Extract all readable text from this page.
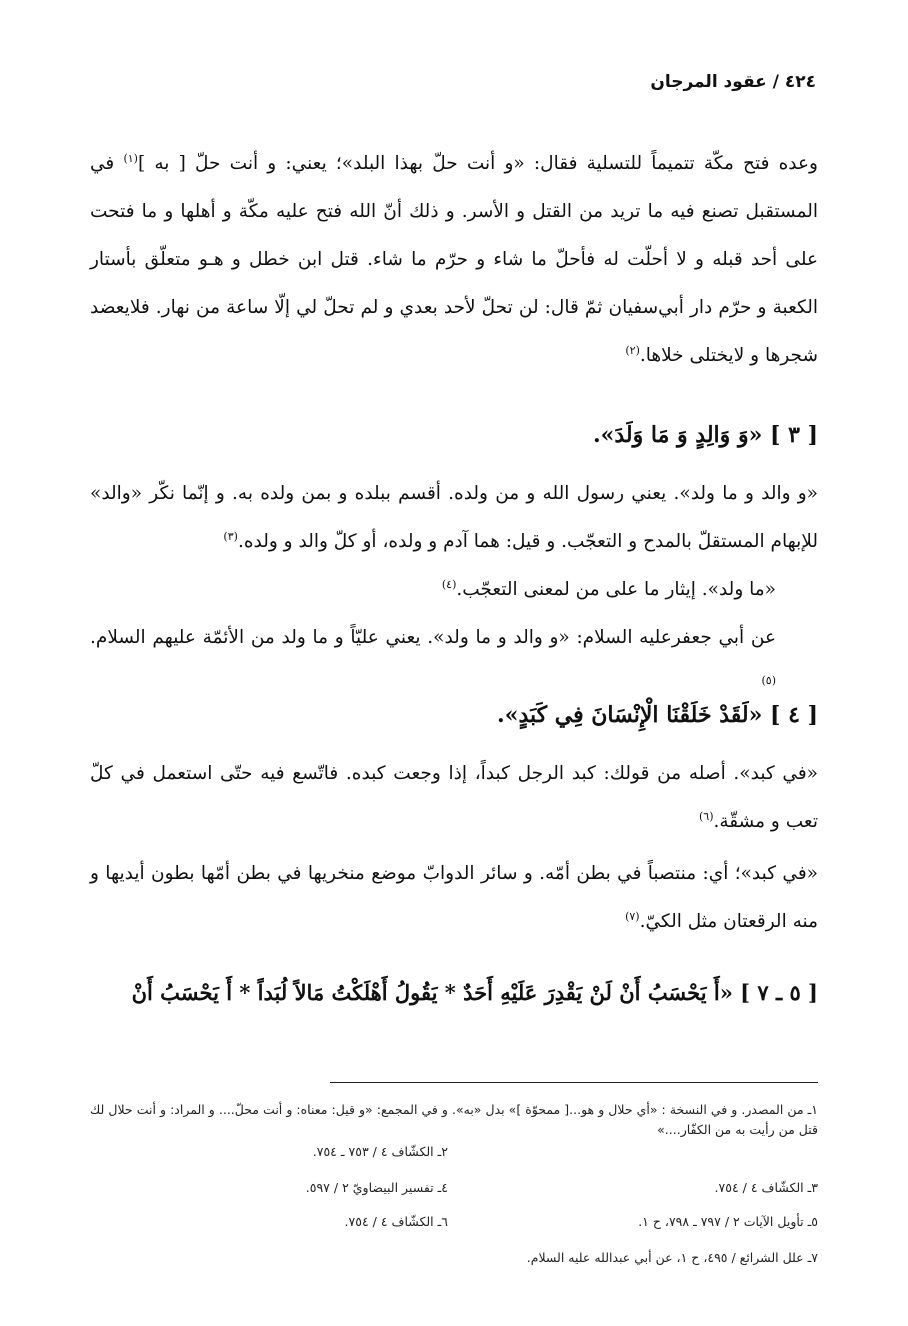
٤٢٤ / عقود المرجان
وعده فتح مكّة تتميماً للتسلية فقال: «و أنت حلّ بهذا البلد»؛ يعني: و أنت حلّ [ به ]$^{(١)}$ في المستقبل تصنع فيه ما تريد من القتل و الأسر. و ذلك أنّ الله فتح عليه مكّة و أهلها و ما فتحت على أحد قبله و لا أحلّت له فأحلّ ما شاء و حرّم ما شاء. قتل ابن خطل و هـو متعلّق بأستار الكعبة و حرّم دار أبي‌سفيان ثمّ قال: لن تحلّ لأحد بعدي و لم تحلّ لي إلّا ساعة من نهار. فلايعضد شجرها و لايختلى خلاها.$^{(٢)}$
[ ٣ ] «وَ وَالِدٍ وَ مَا وَلَدَ».
«و والد و ما ولد». يعني رسول الله و من ولده. أقسم ببلده و بمن ولده به. و إنّما نكّر «والد» للإبهام المستقلّ بالمدح و التعجّب. و قيل: هما آدم و ولده، أو كلّ والد و ولده.$^{(٣)}$
«ما ولد». إيثار ما على من لمعنى التعجّب.$^{(٤)}$
عن أبي جعفرعليه السلام: «و والد و ما ولد». يعني عليّاً و ما ولد من الأئمّة عليهم السلام.$^{(٥)}$
[ ٤ ] «لَقَدْ خَلَقْنَا الْإِنْسَانَ فِي كَبَدٍ».
«في كبد». أصله من قولك: كبد الرجل كبداً، إذا وجعت كبده. فاتّسع فيه حتّى استعمل في كلّ تعب و مشقّة.$^{(٦)}$
«في كبد»؛ أي: منتصباً في بطن أمّه. و سائر الدوابّ موضع منخريها في بطن أمّها بطون أيديها و منه الرقعتان مثل الكيّ.$^{(٧)}$
[ ٥ ـ ٧ ] «أَ يَحْسَبُ أَنْ لَنْ يَقْدِرَ عَلَيْهِ أَحَدٌ * يَقُولُ أَهْلَكْتُ مَالاً لُبَداً * أَ يَحْسَبُ أَنْ
١ـ من المصدر. و في النسخة : «أي حلال و هو...[ ممحوّة ]» بدل «به». و في المجمع: «و قيل: معناه: و أنت محلّ.... و المراد: و أنت حلال لك قتل من رأيت به من الكفّار....»
٣ـ الكشّاف ٤ / ٧٥٤.
٢ـ الكشّاف ٤ / ٧٥٣ ـ ٧٥٤.
٤ـ تفسير البيضاويّ ٢ / ٥٩٧.
٥ـ تأويل الآيات ٢ / ٧٩٧ ـ ٧٩٨، ح ١.
٦ـ الكشّاف ٤ / ٧٥٤.
٧ـ علل الشرائع / ٤٩٥، ح ١، عن أبي عبدالله عليه السلام.
